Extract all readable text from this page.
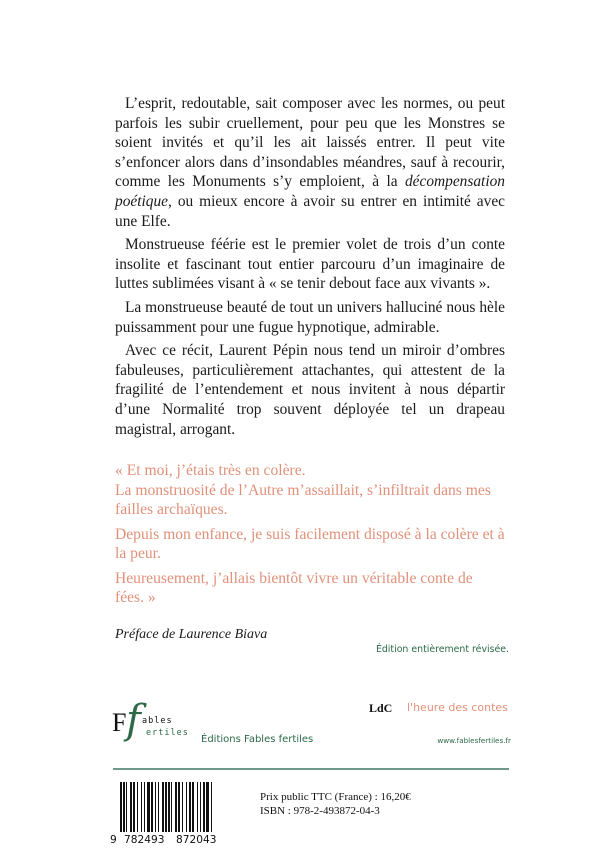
L’esprit, redoutable, sait composer avec les normes, ou peut parfois les subir cruellement, pour peu que les Monstres se soient invités et qu’il les ait laissés entrer. Il peut vite s’enfoncer alors dans d’insondables méandres, sauf à recourir, comme les Monuments s’y emploient, à la décompensation poétique, ou mieux encore à avoir su entrer en intimité avec une Elfe.

Monstrueuse féérie est le premier volet de trois d’un conte insolite et fascinant tout entier parcouru d’un imaginaire de luttes sublimées visant à « se tenir debout face aux vivants ».

La monstrueuse beauté de tout un univers halluciné nous hèle puissamment pour une fugue hypnotique, admirable.

Avec ce récit, Laurent Pépin nous tend un miroir d’ombres fabuleuses, particulièrement attachantes, qui attestent de la fragilité de l’entendement et nous invitent à nous départir d’une Normalité trop souvent déployée tel un drapeau magistral, arrogant.

« Et moi, j’étais très en colère.
La monstruosité de l’Autre m’assaillait, s’infiltrait dans mes failles archaïques.

Depuis mon enfance, je suis facilement disposé à la colère et à la peur.

Heureusement, j’allais bientôt vivre un véritable conte de fées. »

Préface de Laurence Biava
Édition entièrement révisée.
F f ables
ertiles
Éditions Fables fertiles
LdC l'heure des contes
www.fablesfertiles.fr
9 782493 872043
Prix public TTC (France) : 16,20€
ISBN : 978-2-493872-04-3
